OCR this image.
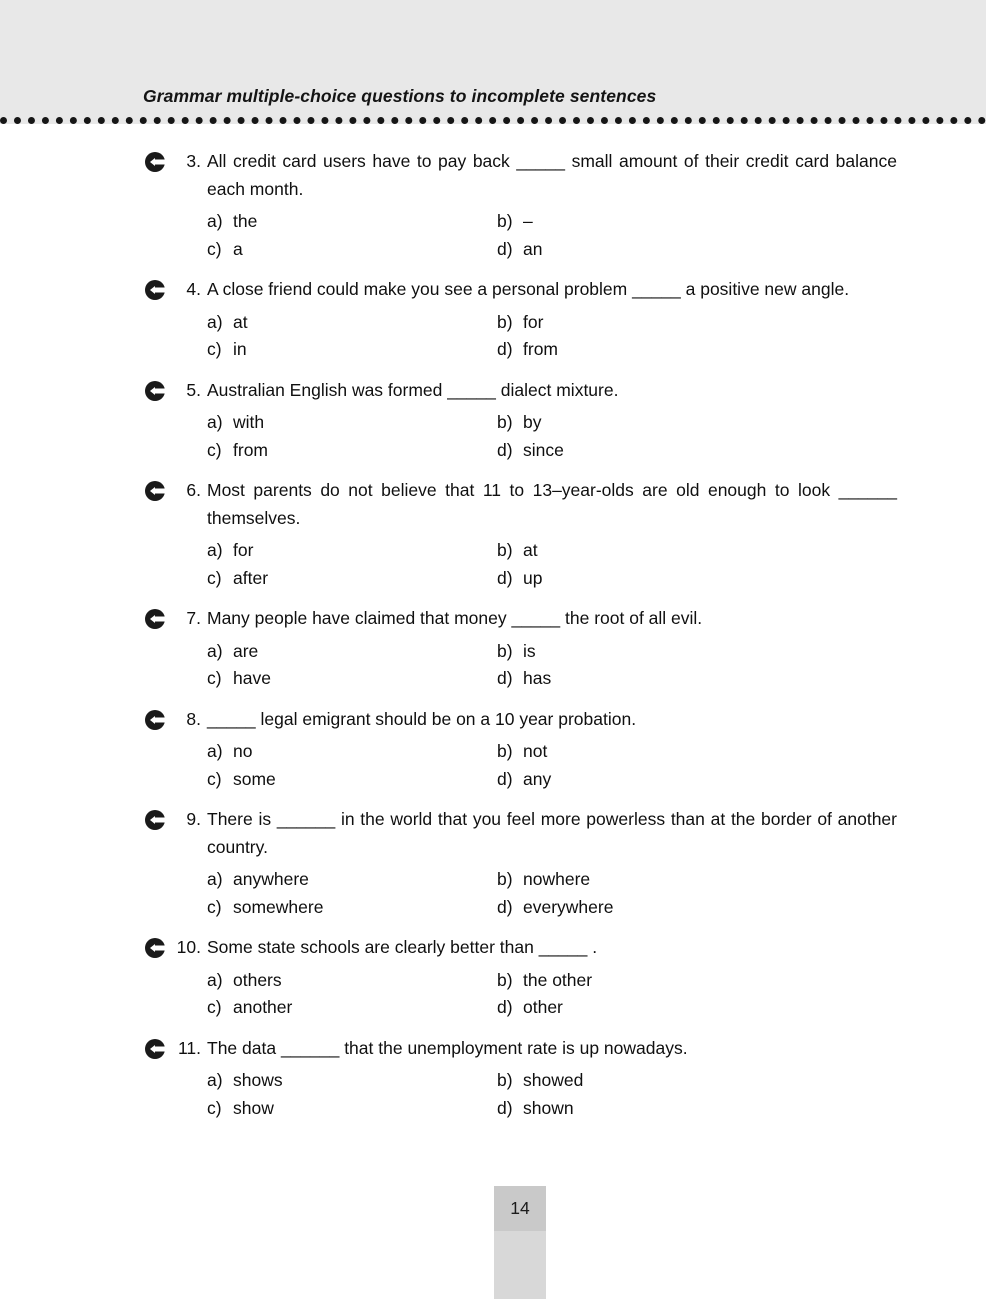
Grammar multiple-choice questions to incomplete sentences
3. All credit card users have to pay back _____ small amount of their credit card balance each month.
a) the	b) –
c) a	d) an
4. A close friend could make you see a personal problem _____ a positive new angle.
a) at	b) for
c) in	d) from
5. Australian English was formed _____ dialect mixture.
a) with	b) by
c) from	d) since
6. Most parents do not believe that 11 to 13–year-olds are old enough to look ______ themselves.
a) for	b) at
c) after	d) up
7. Many people have claimed that money _____ the root of all evil.
a) are	b) is
c) have	d) has
8. _____ legal emigrant should be on a 10 year probation.
a) no	b) not
c) some	d) any
9. There is ______ in the world that you feel more powerless than at the border of another country.
a) anywhere	b) nowhere
c) somewhere	d) everywhere
10. Some state schools are clearly better than _____ .
a) others	b) the other
c) another	d) other
11. The data ______ that the unemployment rate is up nowadays.
a) shows	b) showed
c) show	d) shown
14
